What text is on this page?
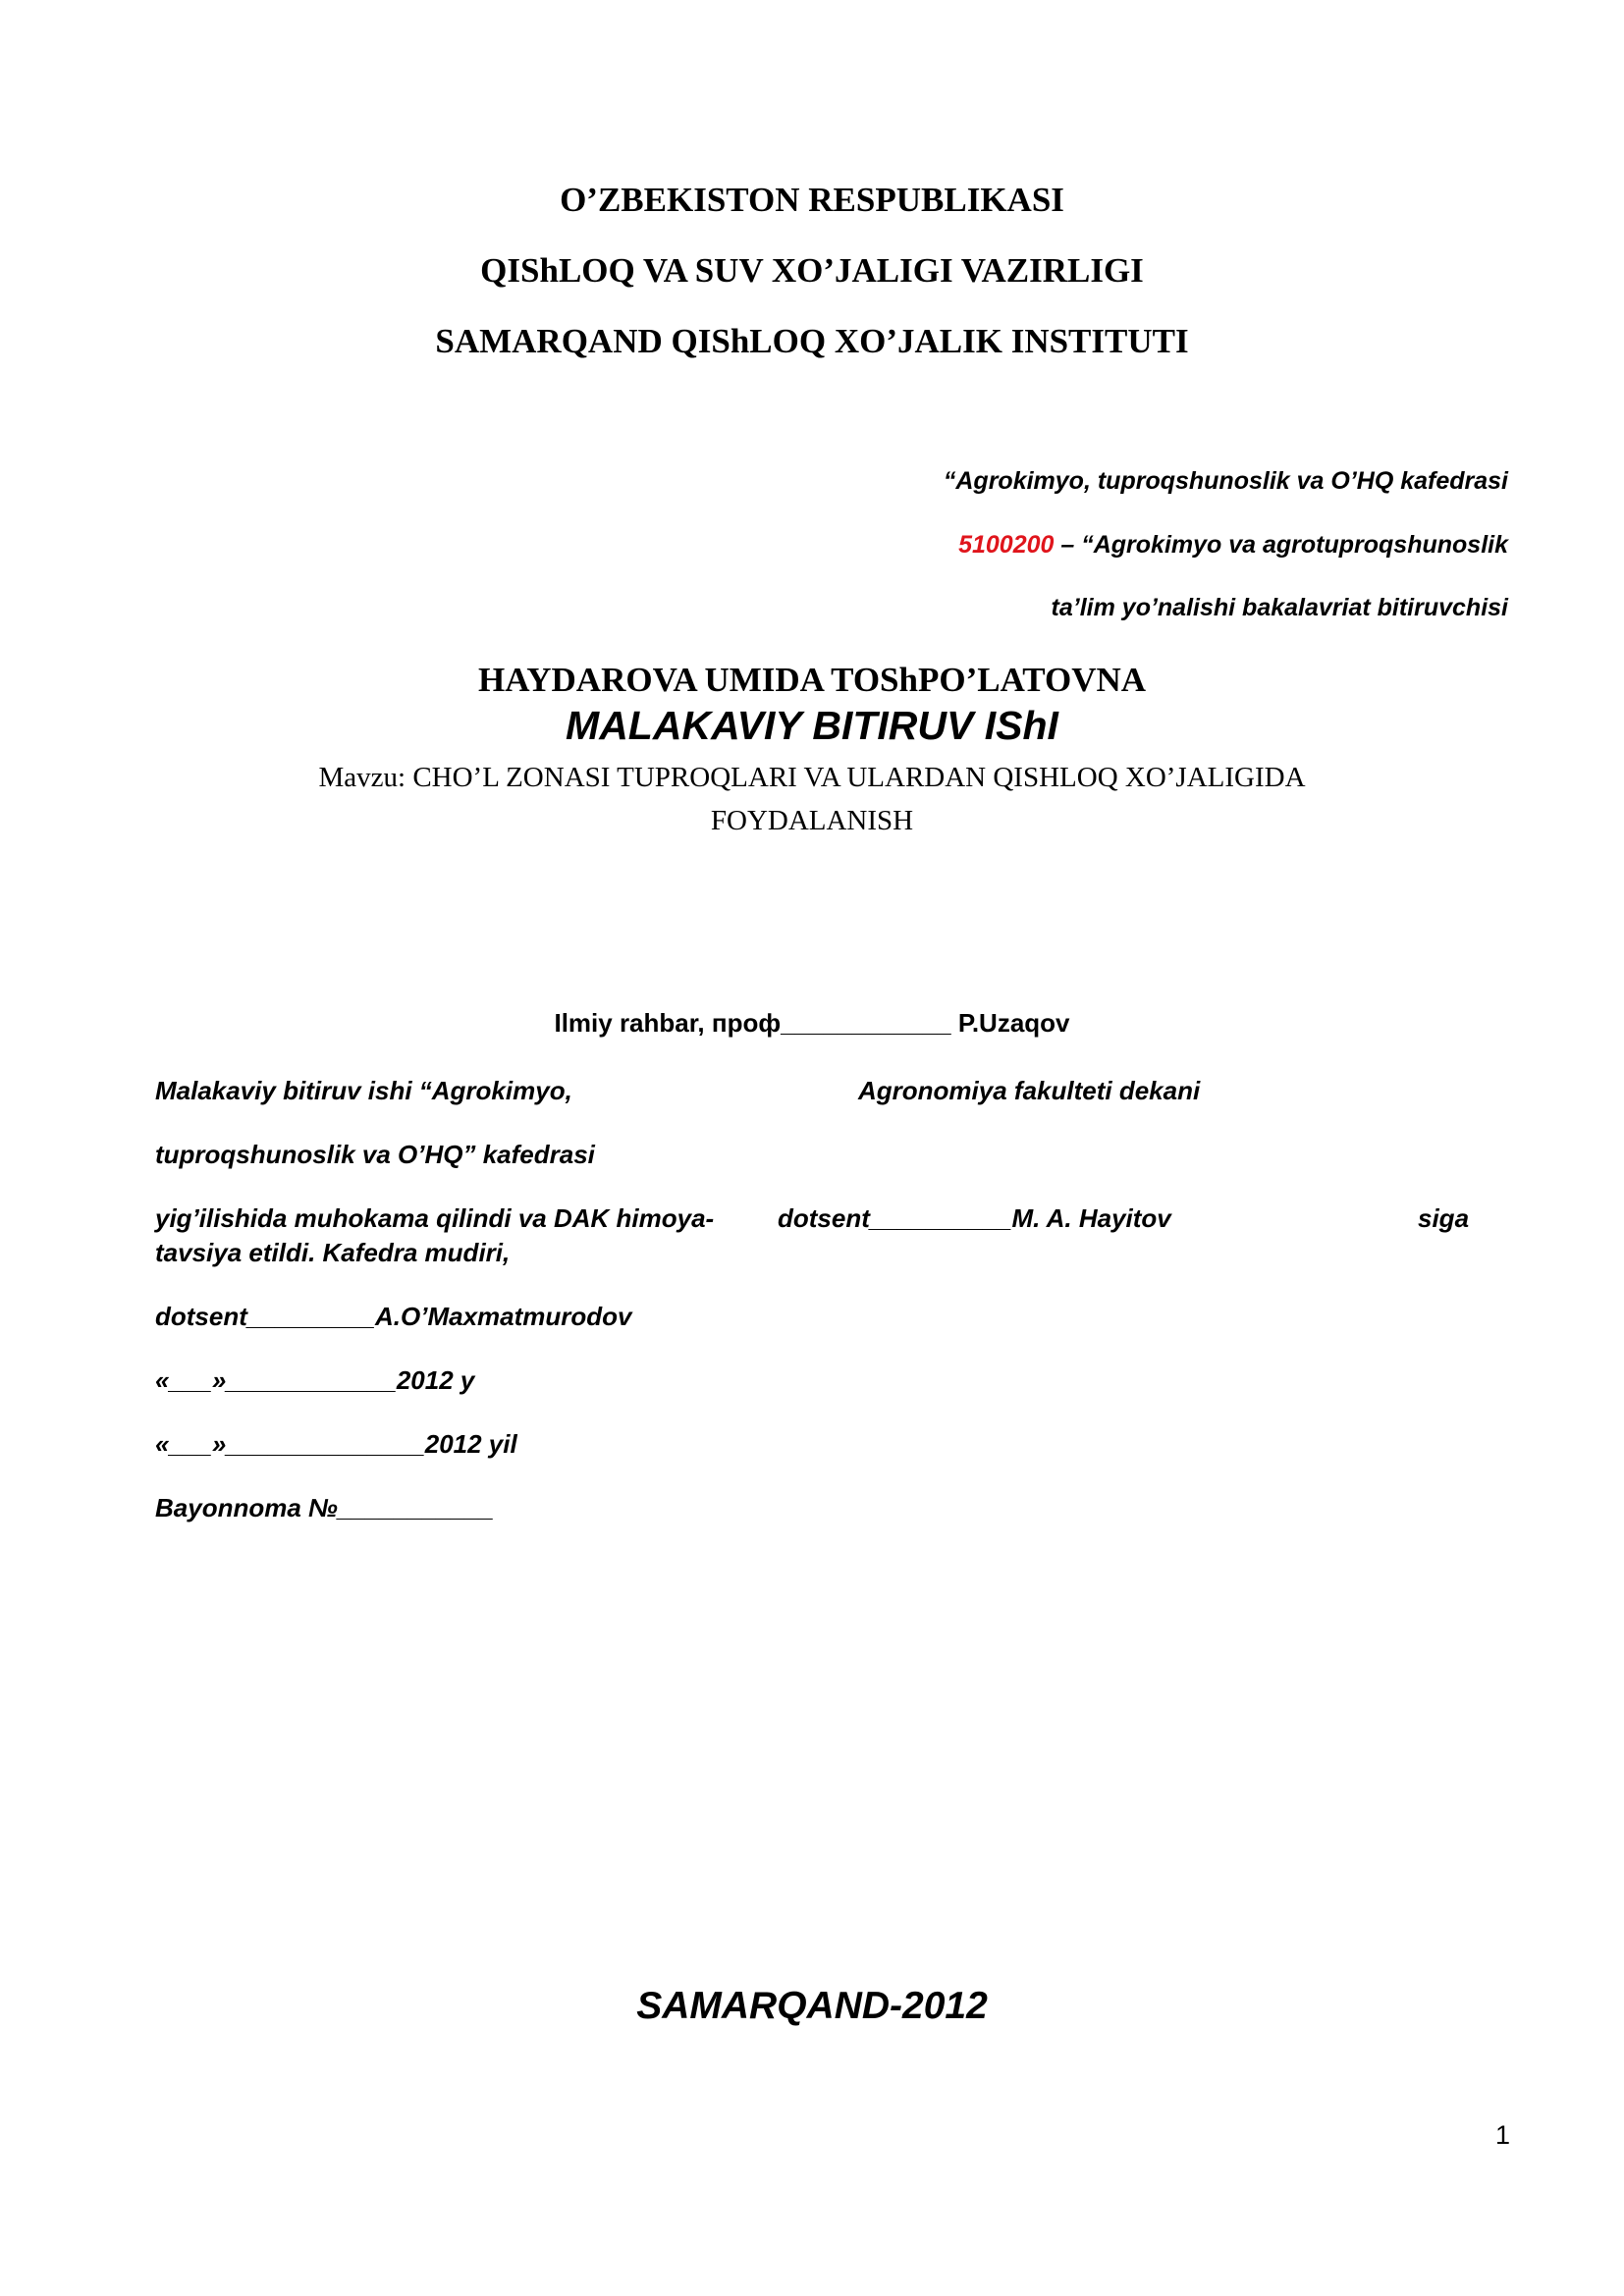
O’ZBEKISTON RESPUBLIKASI
QIShLOQ VA SUV XO’JALIGI VAZIRLIGI
SAMARQAND QIShLOQ XO’JALIK INSTITUTI
“Agrokimyo, tuproqshunoslik va O’HQ kafedrasi
5100200 – “Agrokimyo va agrotuproqshunoslik
ta’lim yo’nalishi bakalavriat bitiruvchisi
HAYDAROVA UMIDA TOShPO’LATOVNA
MALAKAVIY BITIRUV IShI
Mavzu: CHO’L ZONASI TUPROQLARI VA ULARDAN QISHLOQ XO’JALIGIDA
FOYDALANISH
Ilmiy rahbar, проф____________ P.Uzaqov
Malakaviy bitiruv ishi “Agrokimyo,	Agronomiya fakulteti dekani
tuproqshunoslik va O’HQ” kafedrasi
yig’ilishida muhokama qilindi va DAK himoya- dotsent__________M. A. Hayitov	siga
tavsiya etildi. Kafedra mudiri,
dotsent_________A.O’Maxmatmurodov
«___»____________2012 y
«___»______________2012 yil
Bayonnoma №___________
SAMARQAND-2012
1
